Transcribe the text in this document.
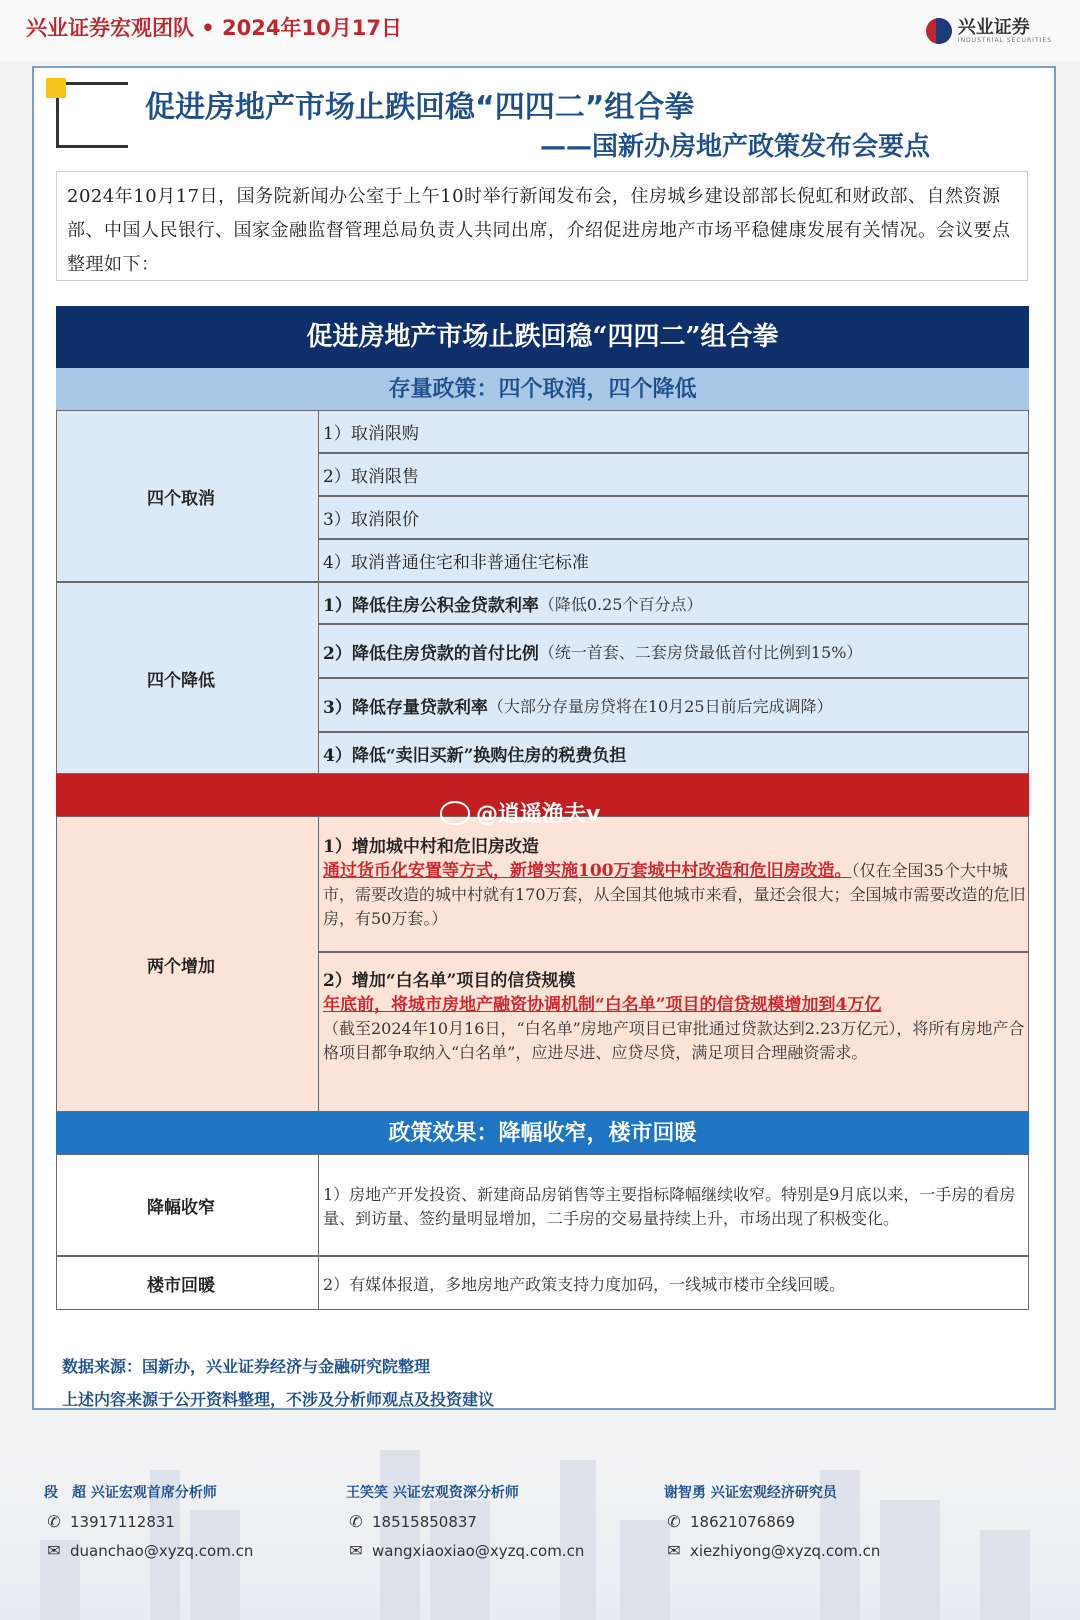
兴业证券宏观团队 • 2024年10月17日	兴业证券
INDUSTRIAL SECURITIES
促进房地产市场止跌回稳“四四二”组合拳
——国新办房地产政策发布会要点
2024年10月17日，国务院新闻办公室于上午10时举行新闻发布会，住房城乡建设部部长倪虹和财政部、自然资源部、中国人民银行、国家金融监督管理总局负责人共同出席，介绍促进房地产市场平稳健康发展有关情况。会议要点整理如下：
促进房地产市场止跌回稳“四四二”组合拳
存量政策：四个取消，四个降低
四个取消
1）取消限购
2）取消限售
3）取消限价
4）取消普通住宅和非普通住宅标准
四个降低
1）降低住房公积金贷款利率 （降低0.25个百分点）
2）降低住房贷款的首付比例 （统一首套、二套房贷最低首付比例到15%）
3）降低存量贷款利率 （大部分存量房贷将在10月25日前后完成调降）
4）降低“卖旧买新”换购住房的税费负担
两个增加
1）增加城中村和危旧房改造
通过货币化安置等方式，新增实施100万套城中村改造和危旧房改造。（仅在全国35个大中城市，需要改造的城中村就有170万套，从全国其他城市来看，量还会很大；全国城市需要改造的危旧房，有50万套。）
2）增加“白名单”项目的信贷规模
年底前，将城市房地产融资协调机制“白名单”项目的信贷规模增加到4万亿
（截至2024年10月16日，“白名单”房地产项目已审批通过贷款达到2.23万亿元），将所有房地产合格项目都争取纳入“白名单”，应进尽进、应贷尽贷，满足项目合理融资需求。
政策效果：降幅收窄，楼市回暖
降幅收窄
1）房地产开发投资、新建商品房销售等主要指标降幅继续收窄。特别是9月底以来，一手房的看房量、到访量、签约量明显增加，二手房的交易量持续上升，市场出现了积极变化。
楼市回暖	2）有媒体报道，多地房地产政策支持力度加码，一线城市楼市全线回暖。
@逍遥渔夫v
数据来源：国新办，兴业证券经济与金融研究院整理
上述内容来源于公开资料整理，不涉及分析师观点及投资建议
段　超 兴证宏观首席分析师
✆ 13917112831
✉ duanchao@xyzq.com.cn
王笑笑 兴证宏观资深分析师
✆ 18515850837
✉ wangxiaoxiao@xyzq.com.cn
谢智勇 兴证宏观经济研究员
✆ 18621076869
✉ xiezhiyong@xyzq.com.cn
